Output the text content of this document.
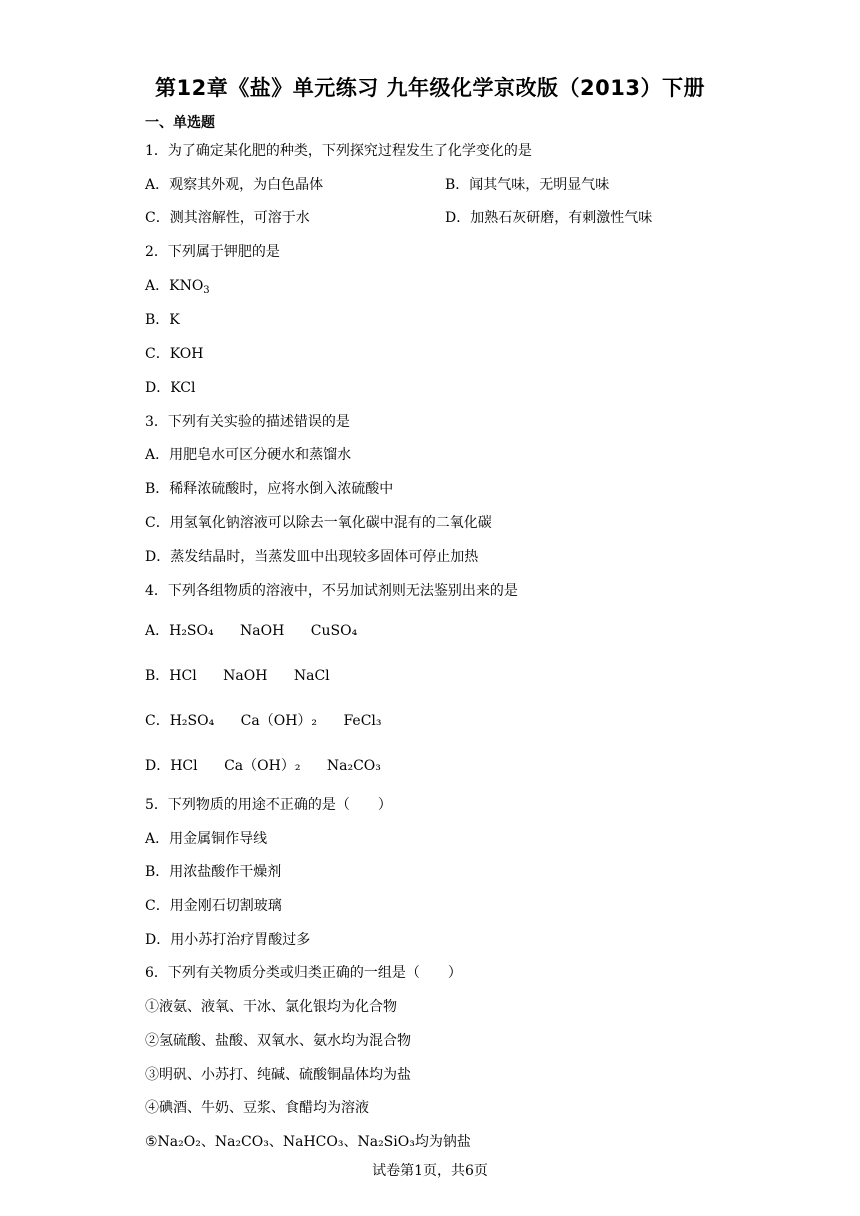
第12章《盐》单元练习 九年级化学京改版（2013）下册
一、单选题
1．为了确定某化肥的种类，下列探究过程发生了化学变化的是
A．观察其外观，为白色晶体	B．闻其气味，无明显气味
C．测其溶解性，可溶于水	D．加熟石灰研磨，有刺激性气味
2．下列属于钾肥的是
A．$KNO_3$
B．K
C．KOH
D．KCl
3．下列有关实验的描述错误的是
A．用肥皂水可区分硬水和蒸馏水
B．稀释浓硫酸时，应将水倒入浓硫酸中
C．用氢氧化钠溶液可以除去一氧化碳中混有的二氧化碳
D．蒸发结晶时，当蒸发皿中出现较多固体可停止加热
4．下列各组物质的溶液中，不另加试剂则无法鉴别出来的是
A．H₂SO₄ NaOH CuSO₄
B．HCl NaOH NaCl
C．H₂SO₄ Ca（OH）₂ FeCl₃
D．HCl Ca（OH）₂ Na₂CO₃
5．下列物质的用途不正确的是（　　）
A．用金属铜作导线
B．用浓盐酸作干燥剂
C．用金刚石切割玻璃
D．用小苏打治疗胃酸过多
6．下列有关物质分类或归类正确的一组是（　　）
①液氨、液氧、干冰、氯化银均为化合物
②氢硫酸、盐酸、双氧水、氨水均为混合物
③明矾、小苏打、纯碱、硫酸铜晶体均为盐
④碘酒、牛奶、豆浆、食醋均为溶液
⑤Na₂O₂、Na₂CO₃、NaHCO₃、Na₂SiO₃均为钠盐
试卷第1页，共6页
